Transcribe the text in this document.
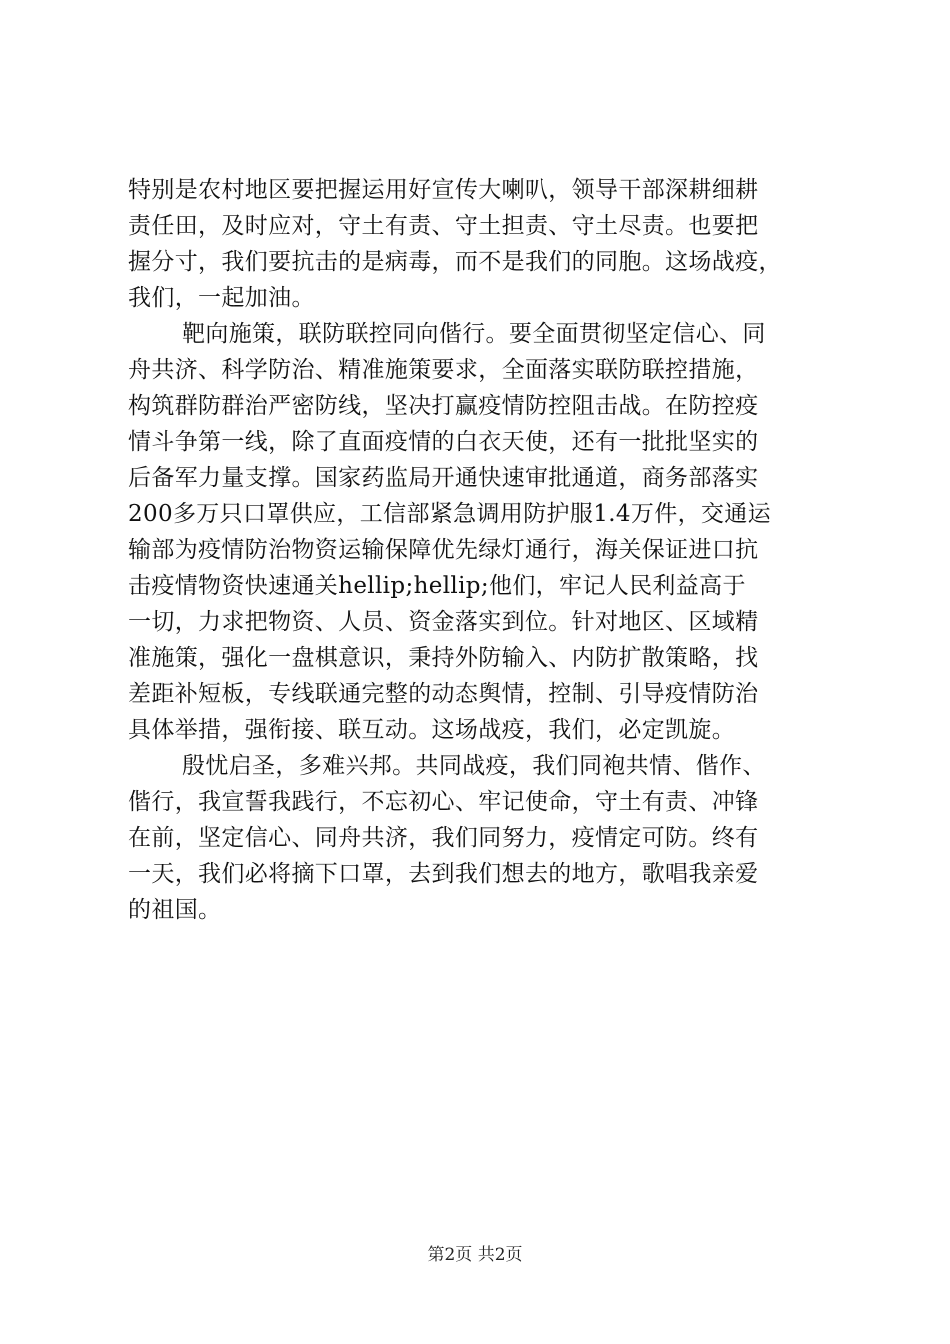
特别是农村地区要把握运用好宣传大喇叭，领导干部深耕细耕
责任田，及时应对，守土有责、守土担责、守土尽责。也要把
握分寸，我们要抗击的是病毒，而不是我们的同胞。这场战疫，
我们，一起加油。
靶向施策，联防联控同向偕行。要全面贯彻坚定信心、同
舟共济、科学防治、精准施策要求，全面落实联防联控措施，
构筑群防群治严密防线，坚决打赢疫情防控阻击战。在防控疫
情斗争第一线，除了直面疫情的白衣天使，还有一批批坚实的
后备军力量支撑。国家药监局开通快速审批通道，商务部落实
200多万只口罩供应，工信部紧急调用防护服1.4万件，交通运
输部为疫情防治物资运输保障优先绿灯通行，海关保证进口抗
击疫情物资快速通关hellip;hellip;他们，牢记人民利益高于
一切，力求把物资、人员、资金落实到位。针对地区、区域精
准施策，强化一盘棋意识，秉持外防输入、内防扩散策略，找
差距补短板，专线联通完整的动态舆情，控制、引导疫情防治
具体举措，强衔接、联互动。这场战疫，我们，必定凯旋。
殷忧启圣，多难兴邦。共同战疫，我们同袍共情、偕作、
偕行，我宣誓我践行，不忘初心、牢记使命，守土有责、冲锋
在前，坚定信心、同舟共济，我们同努力，疫情定可防。终有
一天，我们必将摘下口罩，去到我们想去的地方，歌唱我亲爱
的祖国。
第2页 共2页
